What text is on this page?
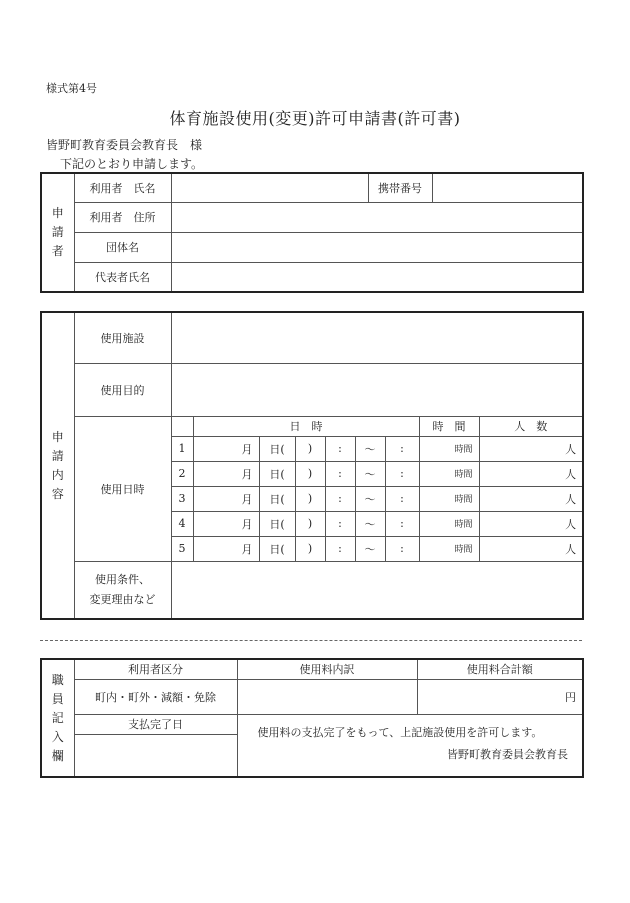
様式第4号
体育施設使用(変更)許可申請書(許可書)
皆野町教育委員会教育長　様
下記のとおり申請します。
申
請
者	利用者　氏名		携帯番号	
	利用者　住所			
	団体名			
	代表者氏名			
申
請
内
容	使用施設									
	使用目的									
	使用日時		日　時						時　間	人　数
		1	月	日(	)	:	〜	:	時間	人
		2	月	日(	)	:	〜	:	時間	人
		3	月	日(	)	:	〜	:	時間	人
		4	月	日(	)	:	〜	:	時間	人
		5	月	日(	)	:	〜	:	時間	人

	使用条件、
変更理由など									

職
員
記
入
欄	利用者区分	使用料内訳	使用料合計額
	町内・町外・減額・免除		円
	支払完了日	使用料の支払完了をもって、上記施設使用を許可します。
皆野町教育委員会教育長	
